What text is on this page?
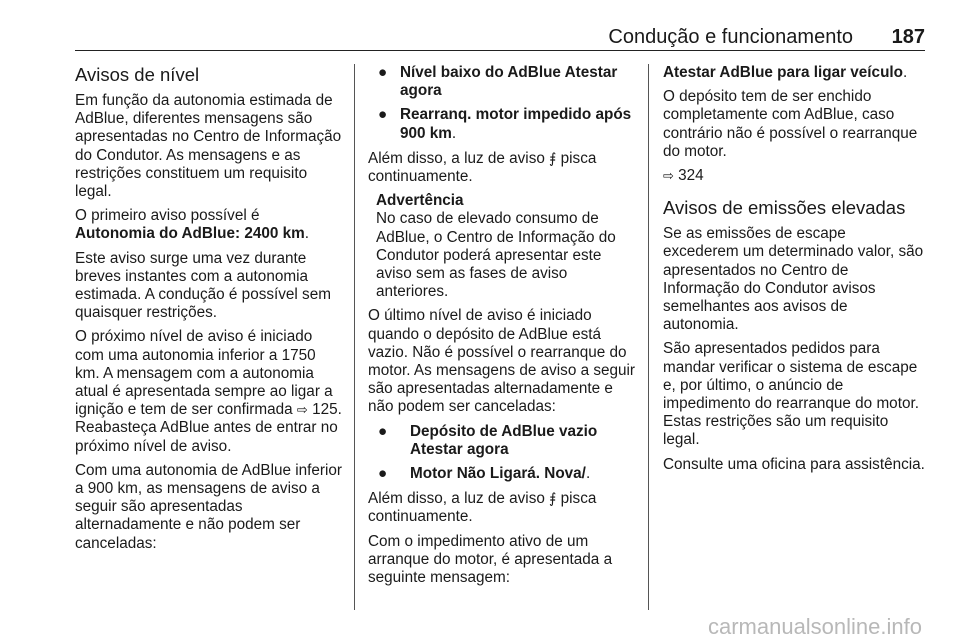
Condução e funcionamento 187
Avisos de nível

Em função da autonomia estimada de AdBlue, diferentes mensagens são apresentadas no Centro de Informação do Condutor. As mensagens e as restrições constituem um requisito legal.

O primeiro aviso possível é Autonomia do AdBlue: 2400 km.

Este aviso surge uma vez durante breves instantes com a autonomia estimada. A condução é possível sem quaisquer restrições.

O próximo nível de aviso é iniciado com uma autonomia inferior a 1750 km. A mensagem com a autonomia atual é apresentada sempre ao ligar a ignição e tem de ser confirmada ⇨ 125. Reabasteça AdBlue antes de entrar no próximo nível de aviso.

Com uma autonomia de AdBlue inferior a 900 km, as mensagens de aviso a seguir são apresentadas alternadamente e não podem ser canceladas:

● Nível baixo do AdBlue Atestar agora
● Rearranq. motor impedido após 900 km.

Além disso, a luz de aviso ⨎ pisca continuamente.

Advertência
No caso de elevado consumo de AdBlue, o Centro de Informação do Condutor poderá apresentar este aviso sem as fases de aviso anteriores.

O último nível de aviso é iniciado quando o depósito de AdBlue está vazio. Não é possível o rearranque do motor. As mensagens de aviso a seguir são apresentadas alternadamente e não podem ser canceladas:

● Depósito de AdBlue vazio Atestar agora
● Motor Não Ligará. Nova/.

Além disso, a luz de aviso ⨎ pisca continuamente.

Com o impedimento ativo de um arranque do motor, é apresentada a seguinte mensagem:

Atestar AdBlue para ligar veículo.

O depósito tem de ser enchido completamente com AdBlue, caso contrário não é possível o rearranque do motor.

⇨ 324

Avisos de emissões elevadas

Se as emissões de escape excederem um determinado valor, são apresentados no Centro de Informação do Condutor avisos semelhantes aos avisos de autonomia.

São apresentados pedidos para mandar verificar o sistema de escape e, por último, o anúncio de impedimento do rearranque do motor. Estas restrições são um requisito legal.

Consulte uma oficina para assistência.

carmanualsonline.info
